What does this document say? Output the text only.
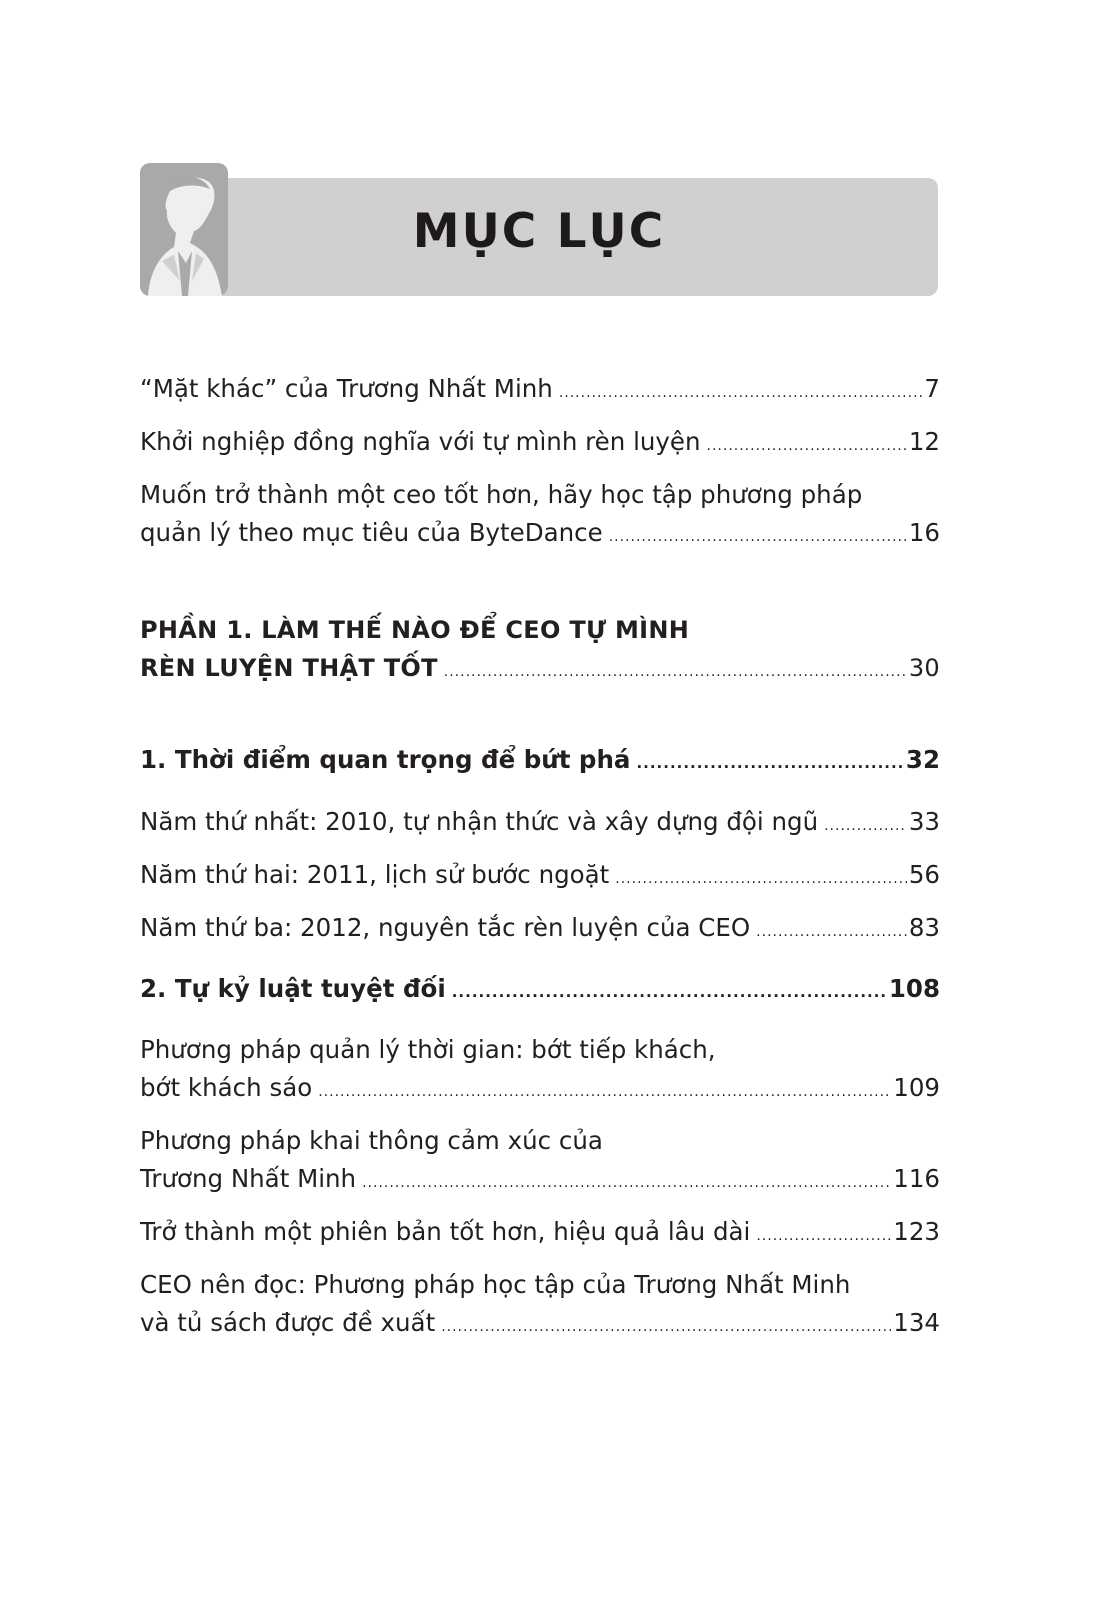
MỤC LỤC
“Mặt khác” của Trương Nhất Minh .....	7
Khởi nghiệp đồng nghĩa với tự mình rèn luyện .....	12
Muốn trở thành một ceo tốt hơn, hãy học tập phương pháp
quản lý theo mục tiêu của ByteDance .....	16
PHẦN 1. LÀM THẾ NÀO ĐỂ CEO TỰ MÌNH
RÈN LUYỆN THẬT TỐT .....	30
1. Thời điểm quan trọng để bứt phá .....	32
Năm thứ nhất: 2010, tự nhận thức và xây dựng đội ngũ .....	33
Năm thứ hai: 2011, lịch sử bước ngoặt .....	56
Năm thứ ba: 2012, nguyên tắc rèn luyện của CEO .....	83
2. Tự kỷ luật tuyệt đối .....	108
Phương pháp quản lý thời gian: bớt tiếp khách,
bớt khách sáo .....	109
Phương pháp khai thông cảm xúc của
Trương Nhất Minh .....	116
Trở thành một phiên bản tốt hơn, hiệu quả lâu dài .....	123
CEO nên đọc: Phương pháp học tập của Trương Nhất Minh
và tủ sách được đề xuất .....	134
